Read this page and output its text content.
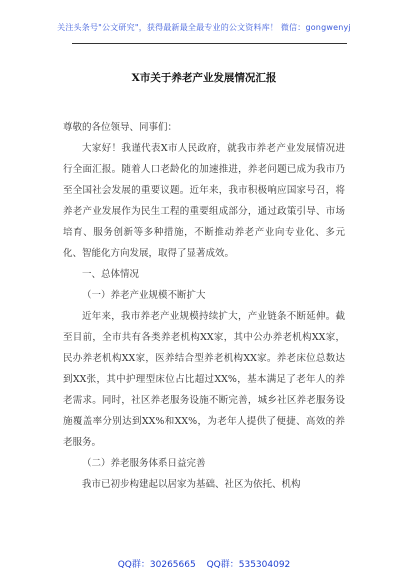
关注头条号"公文研究"，获得最新最全最专业的公文资料库！ 微信：gongwenyj
X市关于养老产业发展情况汇报

尊敬的各位领导、同事们：

大家好！我谨代表X市人民政府，就我市养老产业发展情况进行全面汇报。随着人口老龄化的加速推进，养老问题已成为我市乃至全国社会发展的重要议题。近年来，我市积极响应国家号召，将养老产业发展作为民生工程的重要组成部分，通过政策引导、市场培育、服务创新等多种措施，不断推动养老产业向专业化、多元化、智能化方向发展，取得了显著成效。

一、总体情况

（一）养老产业规模不断扩大

近年来，我市养老产业规模持续扩大，产业链条不断延伸。截至目前，全市共有各类养老机构XX家，其中公办养老机构XX家，民办养老机构XX家，医养结合型养老机构XX家。养老床位总数达到XX张，其中护理型床位占比超过XX%，基本满足了老年人的养老需求。同时，社区养老服务设施不断完善，城乡社区养老服务设施覆盖率分别达到XX%和XX%，为老年人提供了便捷、高效的养老服务。

（二）养老服务体系日益完善

我市已初步构建起以居家为基础、社区为依托、机构

QQ群：30265665 QQ群：535304092
